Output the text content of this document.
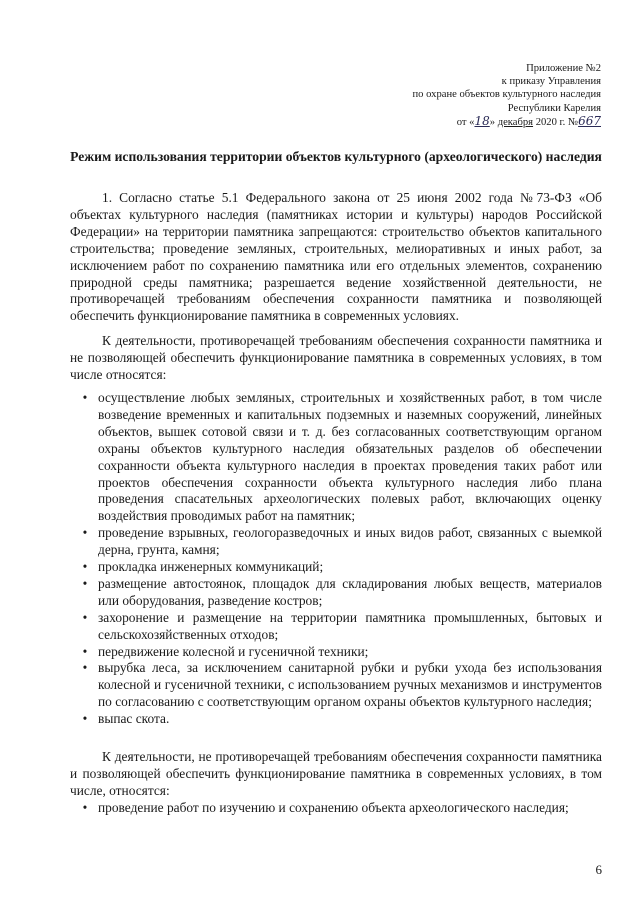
Приложение №2
к приказу Управления
по охране объектов культурного наследия
Республики Карелия
от «18» декабря 2020 г. №667
Режим использования территории объектов культурного (археологического) наследия

1. Согласно статье 5.1 Федерального закона от 25 июня 2002 года №73-ФЗ «Об объектах культурного наследия (памятниках истории и культуры) народов Российской Федерации» на территории памятника запрещаются: строительство объектов капитального строительства; проведение земляных, строительных, мелиоративных и иных работ, за исключением работ по сохранению памятника или его отдельных элементов, сохранению природной среды памятника; разрешается ведение хозяйственной деятельности, не противоречащей требованиям обеспечения сохранности памятника и позволяющей обеспечить функционирование памятника в современных условиях.

К деятельности, противоречащей требованиям обеспечения сохранности памятника и не позволяющей обеспечить функционирование памятника в современных условиях, в том числе относятся:

• осуществление любых земляных, строительных и хозяйственных работ, в том числе возведение временных и капитальных подземных и наземных сооружений, линейных объектов, вышек сотовой связи и т. д. без согласованных соответствующим органом охраны объектов культурного наследия обязательных разделов об обеспечении сохранности объекта культурного наследия в проектах проведения таких работ или проектов обеспечения сохранности объекта культурного наследия либо плана проведения спасательных археологических полевых работ, включающих оценку воздействия проводимых работ на памятник;
• проведение взрывных, геологоразведочных и иных видов работ, связанных с выемкой дерна, грунта, камня;
• прокладка инженерных коммуникаций;
• размещение автостоянок, площадок для складирования любых веществ, материалов или оборудования, разведение костров;
• захоронение и размещение на территории памятника промышленных, бытовых и сельскохозяйственных отходов;
• передвижение колесной и гусеничной техники;
• вырубка леса, за исключением санитарной рубки и рубки ухода без использования колесной и гусеничной техники, с использованием ручных механизмов и инструментов по согласованию с соответствующим органом охраны объектов культурного наследия;
• выпас скота.

К деятельности, не противоречащей требованиям обеспечения сохранности памятника и позволяющей обеспечить функционирование памятника в современных условиях, в том числе, относятся:

• проведение работ по изучению и сохранению объекта археологического наследия;
6
